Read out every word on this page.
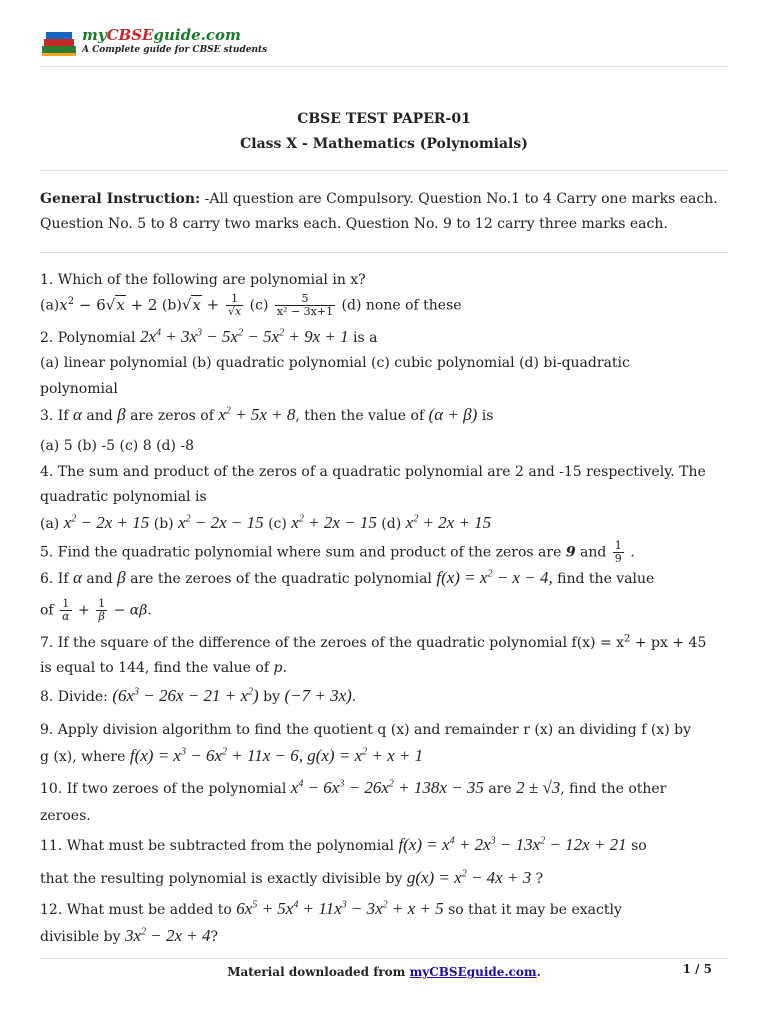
myCBSEguide.com
A Complete guide for CBSE students
CBSE TEST PAPER-01
Class X - Mathematics (Polynomials)
General Instruction: -All question are Compulsory. Question No.1 to 4 Carry one marks each. Question No. 5 to 8 carry two marks each. Question No. 9 to 12 carry three marks each.
1. Which of the following are polynomial in x?
$(a)x^2 - 6√x + 2$ $(b)√x + \frac{1}{√x} (c) \frac{5}{\text{x² − 3x+1}} (d)$ none of these
2. Polynomial $2x^4 + 3x^3 - 5x^2 - 5x^2 + 9x + 1$ is a
(a) linear polynomial (b) quadratic polynomial (c) cubic polynomial (d) bi-quadratic
polynomial
3. If α and β are zeros of $x^2 + 5x + 8$, then the value of (α + β) is
(a) 5 (b) -5 (c) 8 (d) -8
4. The sum and product of the zeros of a quadratic polynomial are 2 and -15 respectively. The quadratic polynomial is
(a) $x^2 - 2x + 15$ (b) $x^2 - 2x - 15$ (c) $x^2 + 2x - 15$ (d) $x^2 + 2x + 15$
5. Find the quadratic polynomial where sum and product of the zeros are 9 and $\frac{1}{9}$ .
6. If α and β are the zeroes of the quadratic polynomial $f(x) = x^2 - x - 4$, find the value
of $\frac{1}{\alpha} + \frac{1}{\beta} - \alpha\beta$.
7. If the square of the difference of the zeroes of the quadratic polynomial $f(x) = x^2$ + px + 45
is equal to 144, find the value of p.
8. Divide: $(6x^3 - 26x - 21 + x^2)$ by (−7 + 3x).
9. Apply division algorithm to find the quotient q (x) and remainder r (x) an dividing f (x) by
g (x), where $f(x) = x^3 - 6x^2 + 11x - 6$, $g(x) = x^2 + x + 1$
10. If two zeroes of the polynomial $x^4 - 6x^3 - 26x^2 + 138x - 35$ are 2 ± √3, find the other
zeroes.
11. What must be subtracted from the polynomial $f(x) = x^4 + 2x^3 - 13x^2 - 12x + 21$ so
that the resulting polynomial is exactly divisible by $g(x) = x^2 - 4x + 3$ ?
12. What must be added to $6x^5 + 5x^4 + 11x^3 - 3x^2 + x + 5$ so that it may be exactly
divisible by $3x^2 - 2x + 4$?
Material downloaded from myCBSEguide.com.	1 / 5
